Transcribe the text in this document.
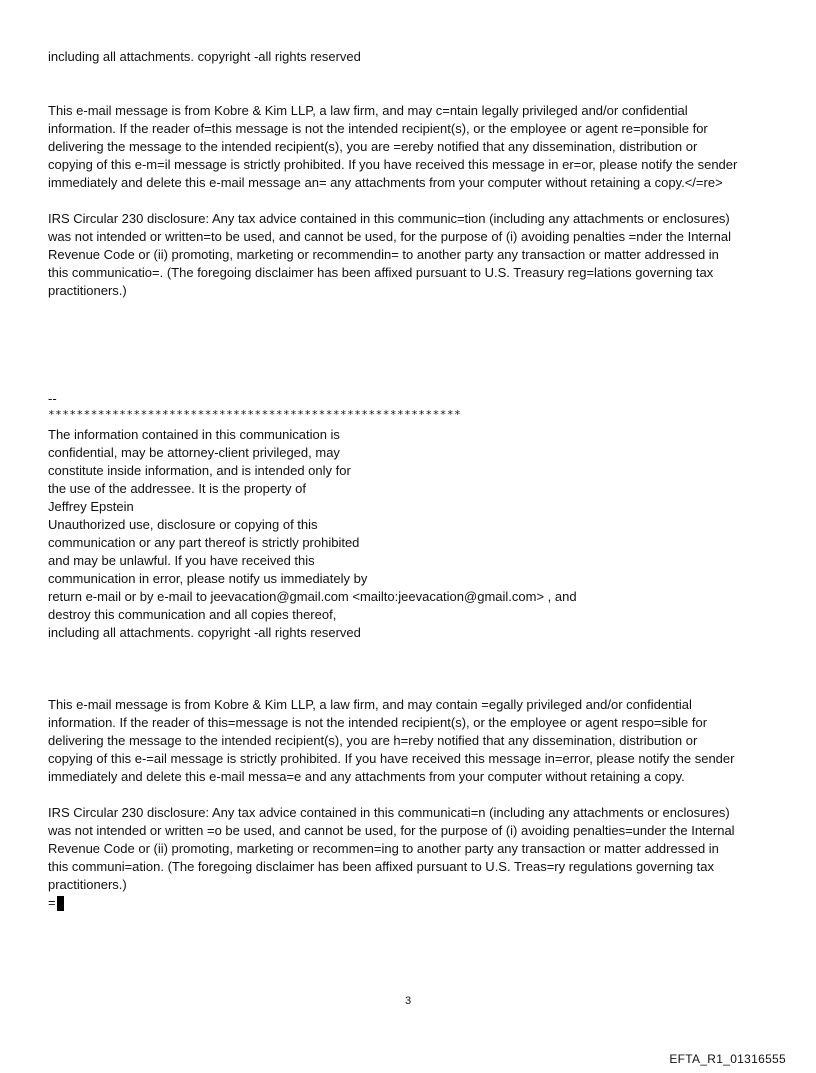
including all attachments. copyright -all rights reserved
This e-mail message is from Kobre & Kim LLP, a law firm, and may c=ntain legally privileged and/or confidential
information. If the reader of=this message is not the intended recipient(s), or the employee or agent re=ponsible for
delivering the message to the intended recipient(s), you are =ereby notified that any dissemination, distribution or
copying of this e-m=il message is strictly prohibited. If you have received this message in er=or, please notify the sender
immediately and delete this e-mail message an= any attachments from your computer without retaining a copy.</=re>
IRS Circular 230 disclosure: Any tax advice contained in this communic=tion (including any attachments or enclosures)
was not intended or written=to be used, and cannot be used, for the purpose of (i) avoiding penalties =nder the Internal
Revenue Code or (ii) promoting, marketing or recommendin= to another party any transaction or matter addressed in
this communicatio=. (The foregoing disclaimer has been affixed pursuant to U.S. Treasury reg=lations governing tax
practitioners.)
--
**********************************************************
The information contained in this communication is
confidential, may be attorney-client privileged, may
constitute inside information, and is intended only for
the use of the addressee. It is the property of
Jeffrey Epstein
Unauthorized use, disclosure or copying of this
communication or any part thereof is strictly prohibited
and may be unlawful. If you have received this
communication in error, please notify us immediately by
return e-mail or by e-mail to jeevacation@gmail.com <mailto:jeevacation@gmail.com> , and
destroy this communication and all copies thereof,
including all attachments. copyright -all rights reserved
This e-mail message is from Kobre & Kim LLP, a law firm, and may contain =egally privileged and/or confidential
information. If the reader of this=message is not the intended recipient(s), or the employee or agent respo=sible for
delivering the message to the intended recipient(s), you are h=reby notified that any dissemination, distribution or
copying of this e-=ail message is strictly prohibited. If you have received this message in=error, please notify the sender
immediately and delete this e-mail messa=e and any attachments from your computer without retaining a copy.
IRS Circular 230 disclosure: Any tax advice contained in this communicati=n (including any attachments or enclosures)
was not intended or written =o be used, and cannot be used, for the purpose of (i) avoiding penalties=under the Internal
Revenue Code or (ii) promoting, marketing or recommen=ing to another party any transaction or matter addressed in
this communi=ation. (The foregoing disclaimer has been affixed pursuant to U.S. Treas=ry regulations governing tax
practitioners.)
=
3
EFTA_R1_01316555
